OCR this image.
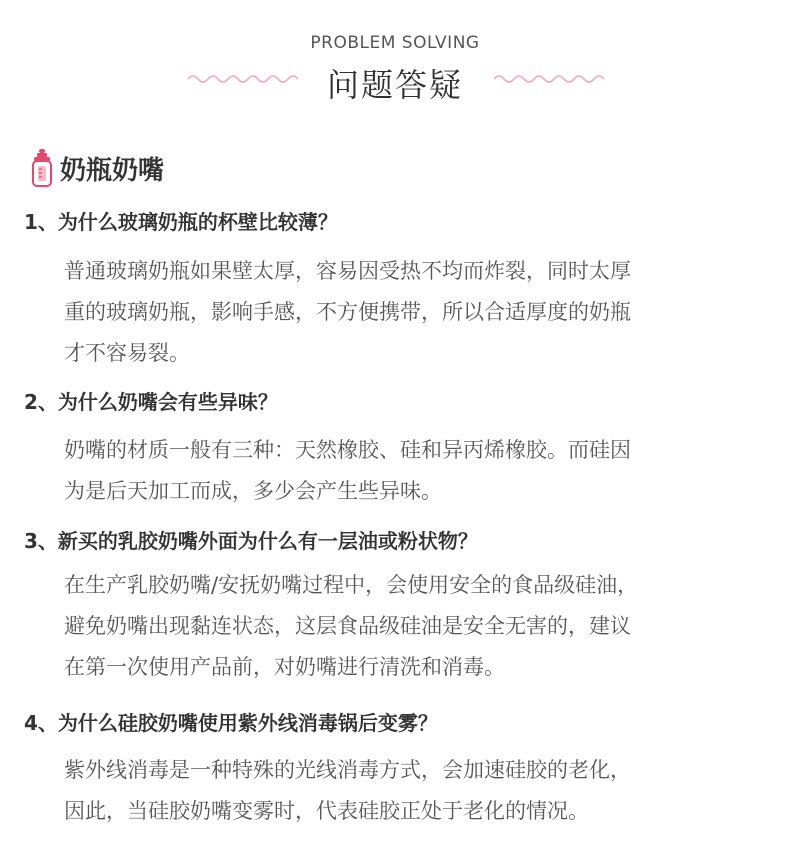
PROBLEM SOLVING
问题答疑
奶瓶奶嘴
1、为什么玻璃奶瓶的杯壁比较薄？
普通玻璃奶瓶如果壁太厚，容易因受热不均而炸裂，同时太厚
重的玻璃奶瓶，影响手感，不方便携带，所以合适厚度的奶瓶
才不容易裂。
2、为什么奶嘴会有些异味？
奶嘴的材质一般有三种：天然橡胶、硅和异丙烯橡胶。而硅因
为是后天加工而成，多少会产生些异味。
3、新买的乳胶奶嘴外面为什么有一层油或粉状物？
在生产乳胶奶嘴/安抚奶嘴过程中，会使用安全的食品级硅油，
避免奶嘴出现黏连状态，这层食品级硅油是安全无害的，建议
在第一次使用产品前，对奶嘴进行清洗和消毒。
4、为什么硅胶奶嘴使用紫外线消毒锅后变雾？
紫外线消毒是一种特殊的光线消毒方式，会加速硅胶的老化，
因此，当硅胶奶嘴变雾时，代表硅胶正处于老化的情况。
